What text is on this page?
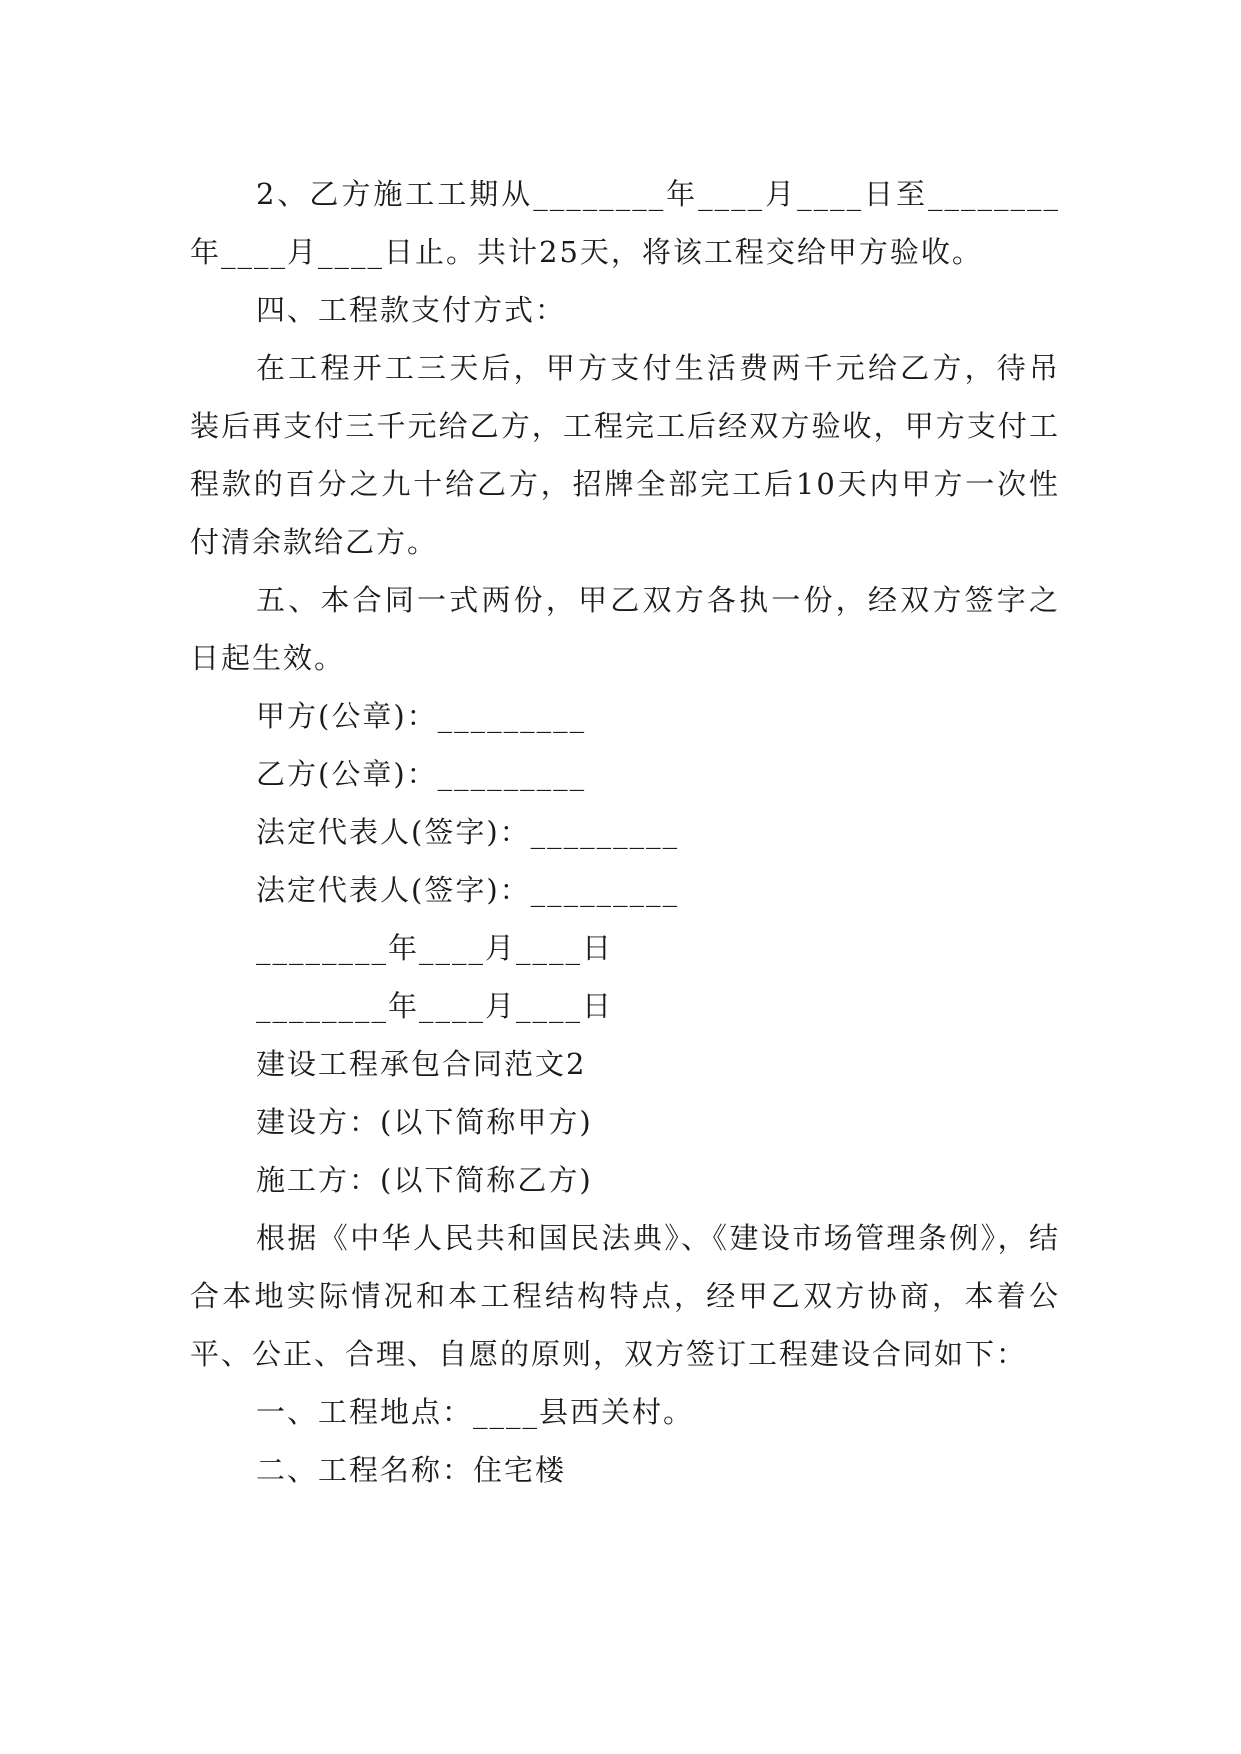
2、乙方施工工期从________年____月____日至________年____月____日止。共计25天，将该工程交给甲方验收。

四、工程款支付方式：

在工程开工三天后，甲方支付生活费两千元给乙方，待吊装后再支付三千元给乙方，工程完工后经双方验收，甲方支付工程款的百分之九十给乙方，招牌全部完工后10天内甲方一次性付清余款给乙方。

五、本合同一式两份，甲乙双方各执一份，经双方签字之日起生效。

甲方(公章)：_________

乙方(公章)：_________

法定代表人(签字)：_________

法定代表人(签字)：_________

________年____月____日

________年____月____日

建设工程承包合同范文2

建设方：(以下简称甲方)

施工方：(以下简称乙方)

根据《中华人民共和国民法典》、《建设市场管理条例》，结合本地实际情况和本工程结构特点，经甲乙双方协商，本着公平、公正、合理、自愿的原则，双方签订工程建设合同如下：

一、工程地点：____县西关村。

二、工程名称：住宅楼
